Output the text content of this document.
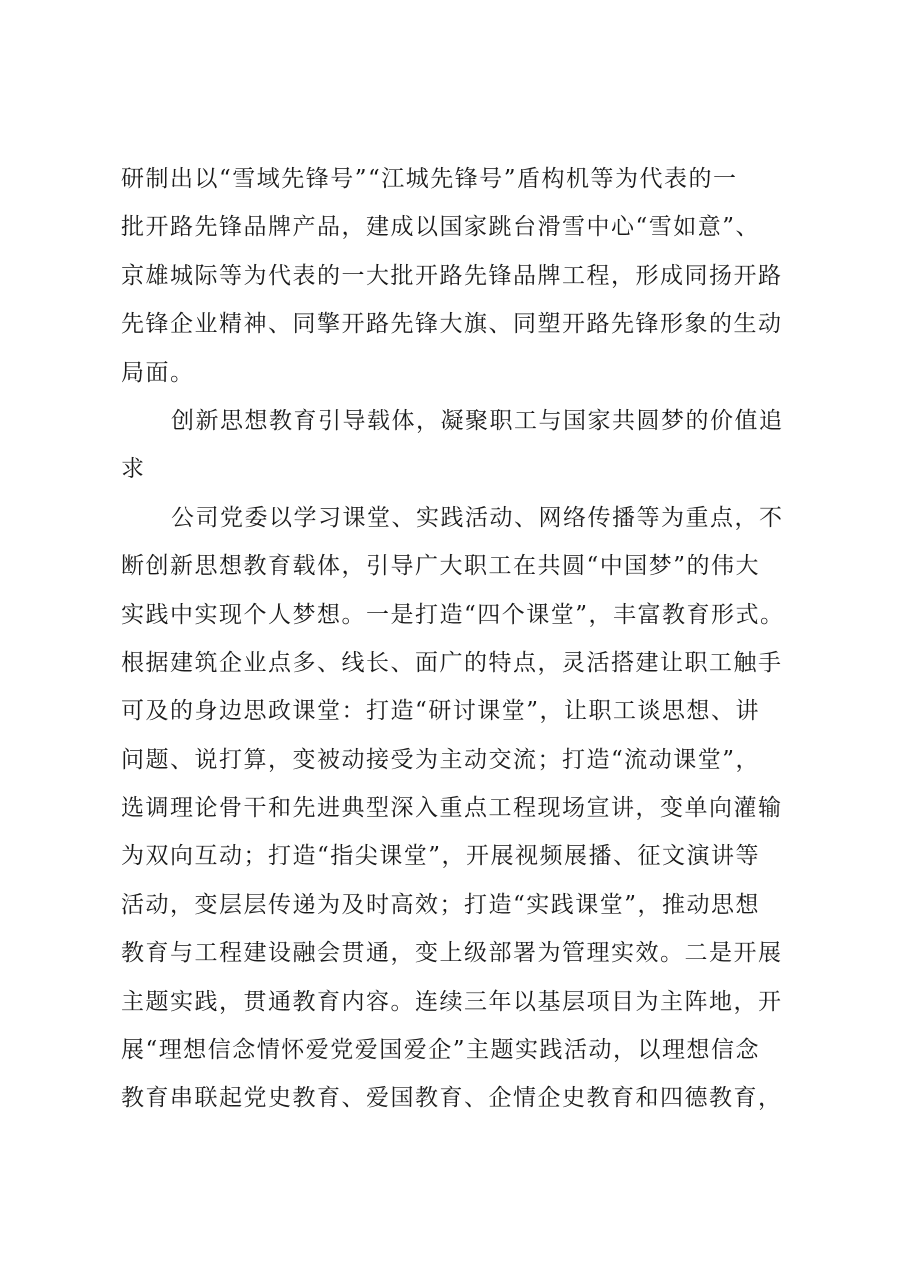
研制出以“雪域先锋号”“江城先锋号”盾构机等为代表的一
批开路先锋品牌产品，建成以国家跳台滑雪中心“雪如意”、
京雄城际等为代表的一大批开路先锋品牌工程，形成同扬开路
先锋企业精神、同擎开路先锋大旗、同塑开路先锋形象的生动
局面。
创新思想教育引导载体，凝聚职工与国家共圆梦的价值追
求
公司党委以学习课堂、实践活动、网络传播等为重点，不
断创新思想教育载体，引导广大职工在共圆“中国梦”的伟大
实践中实现个人梦想。一是打造“四个课堂”，丰富教育形式。
根据建筑企业点多、线长、面广的特点，灵活搭建让职工触手
可及的身边思政课堂：打造“研讨课堂”，让职工谈思想、讲
问题、说打算，变被动接受为主动交流；打造“流动课堂”，
选调理论骨干和先进典型深入重点工程现场宣讲，变单向灌输
为双向互动；打造“指尖课堂”，开展视频展播、征文演讲等
活动，变层层传递为及时高效；打造“实践课堂”，推动思想
教育与工程建设融会贯通，变上级部署为管理实效。二是开展
主题实践，贯通教育内容。连续三年以基层项目为主阵地，开
展“理想信念情怀爱党爱国爱企”主题实践活动，以理想信念
教育串联起党史教育、爱国教育、企情企史教育和四德教育，
